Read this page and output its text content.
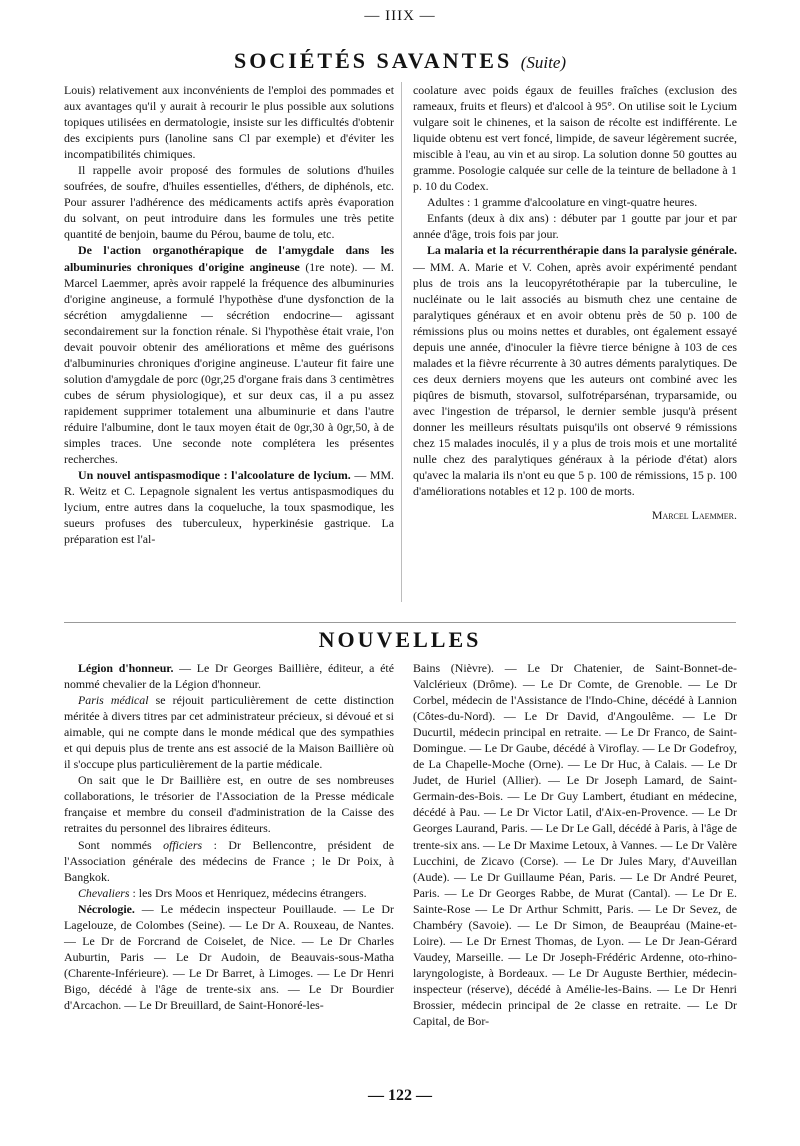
— IIIX —
SOCIÉTÉS SAVANTES (Suite)

Louis) relativement aux inconvénients de l'emploi des pommades et aux avantages qu'il y aurait à recourir le plus possible aux solutions topiques utilisées en dermatologie, insiste sur les difficultés d'obtenir des excipients purs (lanoline sans Cl par exemple) et d'éviter les incompatibilités chimiques.

Il rappelle avoir proposé des formules de solutions d'huiles soufrées, de soufre, d'huiles essentielles, d'éthers, de diphénols, etc. Pour assurer l'adhérence des médicaments actifs après évaporation du solvant, on peut introduire dans les formules une très petite quantité de benjoin, baume du Pérou, baume de tolu, etc.

De l'action organothérapique de l'amygdale dans les albuminuries chroniques d'origine angineuse (1re note). — M. Marcel Laemmer, après avoir rappelé la fréquence des albuminuries d'origine angineuse, a formulé l'hypothèse d'une dysfonction de la sécrétion amygdalienne — sécrétion endocrine— agissant secondairement sur la fonction rénale. Si l'hypothèse était vraie, l'on devait pouvoir obtenir des améliorations et même des guérisons d'albuminuries chroniques d'origine angineuse. L'auteur fit faire une solution d'amygdale de porc (0gr,25 d'organe frais dans 3 centimètres cubes de sérum physiologique), et sur deux cas, il a pu assez rapidement supprimer totalement una albuminurie et dans l'autre réduire l'albumine, dont le taux moyen était de 0gr,30 à 0gr,50, à de simples traces. Une seconde note complétera les présentes recherches.

Un nouvel antispasmodique : l'alcoolature de lycium. — MM. R. Weitz et C. Lepagnole signalent les vertus antispasmodiques du lycium, entre autres dans la coqueluche, la toux spasmodique, les sueurs profuses des tuberculeux, hyperkinésie gastrique. La préparation est l'al-

coolature avec poids égaux de feuilles fraîches (exclusion des rameaux, fruits et fleurs) et d'alcool à 95°. On utilise soit le Lycium vulgare soit le chinenes, et la saison de récolte est indifférente. Le liquide obtenu est vert foncé, limpide, de saveur légèrement sucrée, miscible à l'eau, au vin et au sirop. La solution donne 50 gouttes au gramme. Posologie calquée sur celle de la teinture de belladone à 1 p. 10 du Codex.

Adultes : 1 gramme d'alcoolature en vingt-quatre heures.

Enfants (deux à dix ans) : débuter par 1 goutte par jour et par année d'âge, trois fois par jour.

La malaria et la récurrenthérapie dans la paralysie générale. — MM. A. Marie et V. Cohen, après avoir expérimenté pendant plus de trois ans la leucopyrétothérapie par la tuberculine, le nucléinate ou le lait associés au bismuth chez une centaine de paralytiques généraux et en avoir obtenu près de 50 p. 100 de rémissions plus ou moins nettes et durables, ont également essayé depuis une année, d'inoculer la fièvre tierce bénigne à 103 de ces malades et la fièvre récurrente à 30 autres déments paralytiques. De ces deux derniers moyens que les auteurs ont combiné avec les piqûres de bismuth, stovarsol, sulfotréparsénan, tryparsamide, ou avec l'ingestion de tréparsol, le dernier semble jusqu'à présent donner les meilleurs résultats puisqu'ils ont observé 9 rémissions chez 15 malades inoculés, il y a plus de trois mois et une mortalité nulle chez des paralytiques généraux à la période d'état) alors qu'avec la malaria ils n'ont eu que 5 p. 100 de rémissions, 15 p. 100 d'améliorations notables et 12 p. 100 de morts.

Marcel Laemmer.

NOUVELLES

Légion d'honneur. — Le Dr Georges Baillière, éditeur, a été nommé chevalier de la Légion d'honneur.

Paris médical se réjouit particulièrement de cette distinction méritée à divers titres par cet administrateur précieux, si dévoué et si aimable, qui ne compte dans le monde médical que des sympathies et qui depuis plus de trente ans est associé de la Maison Baillière où il s'occupe plus particulièrement de la partie médicale.

On sait que le Dr Baillière est, en outre de ses nombreuses collaborations, le trésorier de l'Association de la Presse médicale française et membre du conseil d'administration de la Caisse des retraites du personnel des libraires éditeurs.

Sont nommés officiers : Dr Bellencontre, président de l'Association générale des médecins de France ; le Dr Poix, à Bangkok.

Chevaliers : les Drs Moos et Henriquez, médecins étrangers.

Nécrologie. — Le médecin inspecteur Pouillaude. — Le Dr Lagelouze, de Colombes (Seine). — Le Dr A. Rouxeau, de Nantes. — Le Dr de Forcrand de Coiselet, de Nice. — Le Dr Charles Auburtin, Paris — Le Dr Audoin, de Beauvais-sous-Matha (Charente-Inférieure). — Le Dr Barret, à Limoges. — Le Dr Henri Bigo, décédé à l'âge de trente-six ans. — Le Dr Bourdier d'Arcachon. — Le Dr Breuillard, de Saint-Honoré-les-

Bains (Nièvre). — Le Dr Chatenier, de Saint-Bonnet-de-Valclérieux (Drôme). — Le Dr Comte, de Grenoble. — Le Dr Corbel, médecin de l'Assistance de l'Indo-Chine, décédé à Lannion (Côtes-du-Nord). — Le Dr David, d'Angoulême. — Le Dr Ducurtil, médecin principal en retraite. — Le Dr Franco, de Saint-Domingue. — Le Dr Gaube, décédé à Viroflay. — Le Dr Godefroy, de La Chapelle-Moche (Orne). — Le Dr Huc, à Calais. — Le Dr Judet, de Huriel (Allier). — Le Dr Joseph Lamard, de Saint-Germain-des-Bois. — Le Dr Guy Lambert, étudiant en médecine, décédé à Pau. — Le Dr Victor Latil, d'Aix-en-Provence. — Le Dr Georges Laurand, Paris. — Le Dr Le Gall, décédé à Paris, à l'âge de trente-six ans. — Le Dr Maxime Letoux, à Vannes. — Le Dr Valère Lucchini, de Zicavo (Corse). — Le Dr Jules Mary, d'Auveillan (Aude). — Le Dr Guillaume Péan, Paris. — Le Dr André Peuret, Paris. — Le Dr Georges Rabbe, de Murat (Cantal). — Le Dr E. Sainte-Rose — Le Dr Arthur Schmitt, Paris. — Le Dr Sevez, de Chambéry (Savoie). — Le Dr Simon, de Beaupréau (Maine-et-Loire). — Le Dr Ernest Thomas, de Lyon. — Le Dr Jean-Gérard Vaudey, Marseille. — Le Dr Joseph-Frédéric Ardenne, oto-rhino-laryngologiste, à Bordeaux. — Le Dr Auguste Berthier, médecin-inspecteur (réserve), décédé à Amélie-les-Bains. — Le Dr Henri Brossier, médecin principal de 2e classe en retraite. — Le Dr Capital, de Bor-

— 122 —
